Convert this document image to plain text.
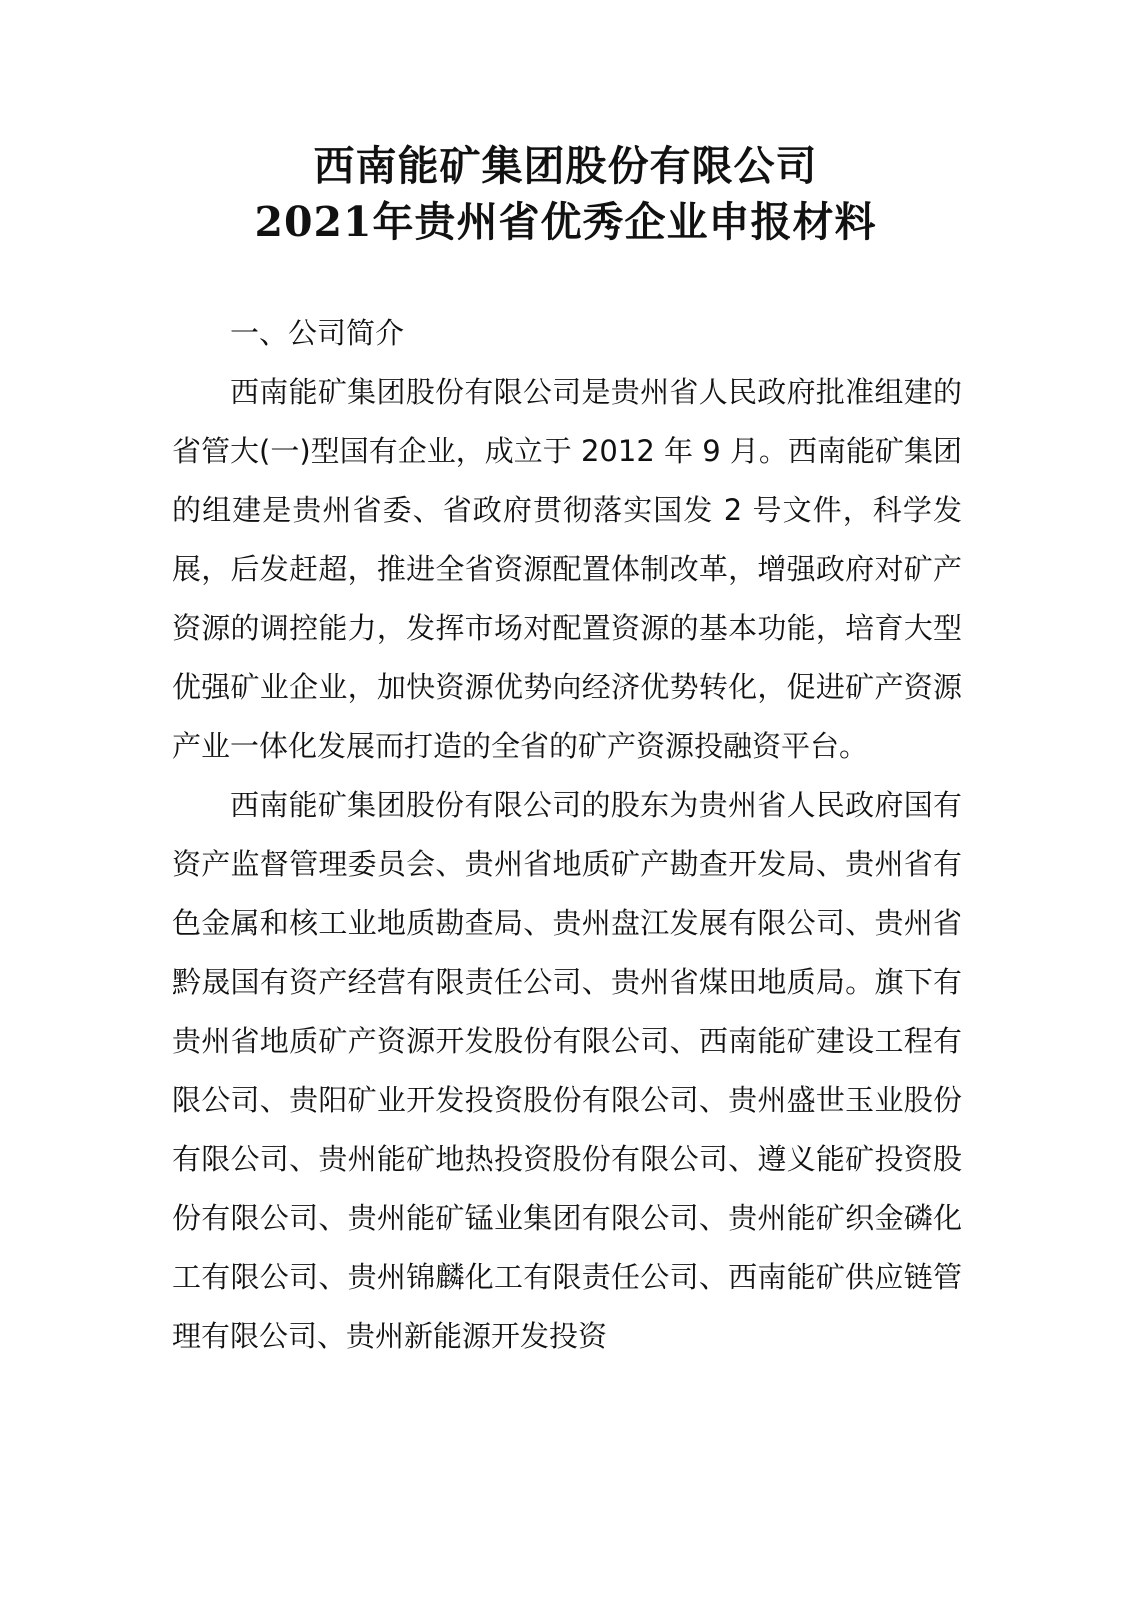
西南能矿集团股份有限公司
2021年贵州省优秀企业申报材料

一、公司简介

西南能矿集团股份有限公司是贵州省人民政府批准组建的省管大(一)型国有企业，成立于 2012 年 9 月。西南能矿集团的组建是贵州省委、省政府贯彻落实国发 2 号文件，科学发展，后发赶超，推进全省资源配置体制改革，增强政府对矿产资源的调控能力，发挥市场对配置资源的基本功能，培育大型优强矿业企业，加快资源优势向经济优势转化，促进矿产资源产业一体化发展而打造的全省的矿产资源投融资平台。

西南能矿集团股份有限公司的股东为贵州省人民政府国有资产监督管理委员会、贵州省地质矿产勘查开发局、贵州省有色金属和核工业地质勘查局、贵州盘江发展有限公司、贵州省黔晟国有资产经营有限责任公司、贵州省煤田地质局。旗下有贵州省地质矿产资源开发股份有限公司、西南能矿建设工程有限公司、贵阳矿业开发投资股份有限公司、贵州盛世玉业股份有限公司、贵州能矿地热投资股份有限公司、遵义能矿投资股份有限公司、贵州能矿锰业集团有限公司、贵州能矿织金磷化工有限公司、贵州锦麟化工有限责任公司、西南能矿供应链管理有限公司、贵州新能源开发投资
